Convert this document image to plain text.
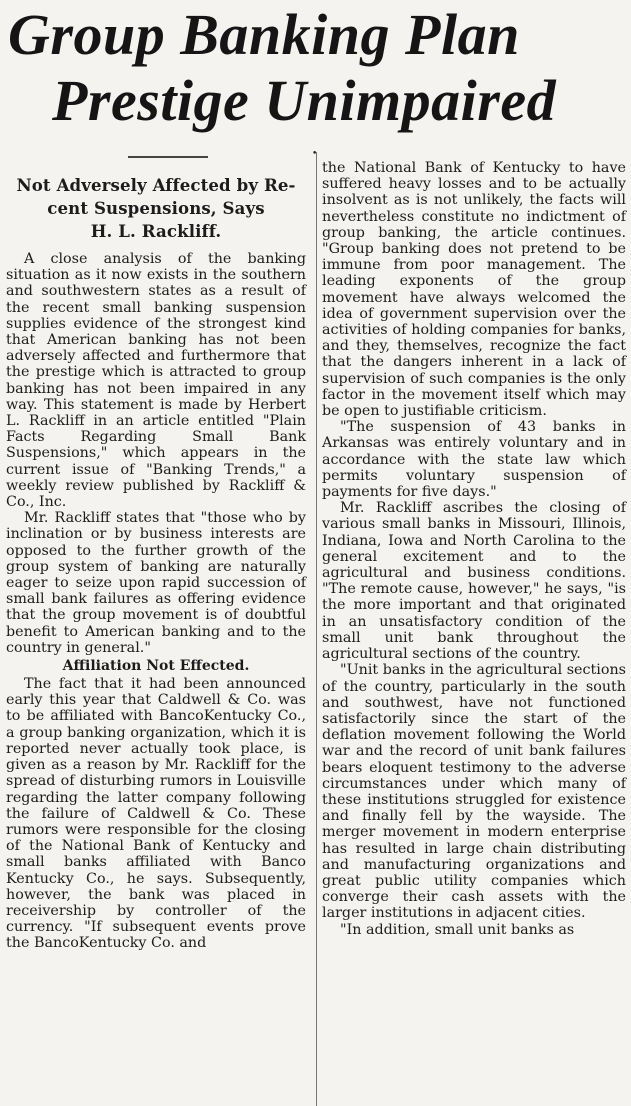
Group Banking Plan
Prestige Unimpaired
•
Not Adversely Affected by Re-
cent Suspensions, Says
H. L. Rackliff.

A close analysis of the banking situation as it now exists in the southern and southwestern states as a result of the recent small banking suspension supplies evidence of the strongest kind that American banking has not been adversely affected and furthermore that the prestige which is attracted to group banking has not been impaired in any way. This statement is made by Herbert L. Rackliff in an article entitled "Plain Facts Regarding Small Bank Suspensions," which appears in the current issue of "Banking Trends," a weekly review published by Rackliff & Co., Inc.

Mr. Rackliff states that "those who by inclination or by business interests are opposed to the further growth of the group system of banking are naturally eager to seize upon rapid succession of small bank failures as offering evidence that the group movement is of doubtful benefit to American banking and to the country in general."

Affiliation Not Effected.

The fact that it had been announced early this year that Caldwell & Co. was to be affiliated with BancoKentucky Co., a group banking organization, which it is reported never actually took place, is given as a reason by Mr. Rackliff for the spread of disturbing rumors in Louisville regarding the latter company following the failure of Caldwell & Co. These rumors were responsible for the closing of the National Bank of Kentucky and small banks affiliated with Banco Kentucky Co., he says. Subsequently, however, the bank was placed in receivership by controller of the currency. "If subsequent events prove the BancoKentucky Co. and

the National Bank of Kentucky to have suffered heavy losses and to be actually insolvent as is not unlikely, the facts will nevertheless constitute no indictment of group banking, the article continues. "Group banking does not pretend to be immune from poor management. The leading exponents of the group movement have always welcomed the idea of government supervision over the activities of holding companies for banks, and they, themselves, recognize the fact that the dangers inherent in a lack of supervision of such companies is the only factor in the movement itself which may be open to justifiable criticism.

"The suspension of 43 banks in Arkansas was entirely voluntary and in accordance with the state law which permits voluntary suspension of payments for five days."

Mr. Rackliff ascribes the closing of various small banks in Missouri, Illinois, Indiana, Iowa and North Carolina to the general excitement and to the agricultural and business conditions. "The remote cause, however," he says, "is the more important and that originated in an unsatisfactory condition of the small unit bank throughout the agricultural sections of the country.

"Unit banks in the agricultural sections of the country, particularly in the south and southwest, have not functioned satisfactorily since the start of the deflation movement following the World war and the record of unit bank failures bears eloquent testimony to the adverse circumstances under which many of these institutions struggled for existence and finally fell by the wayside. The merger movement in modern enterprise has resulted in large chain distributing and manufacturing organizations and great public utility companies which converge their cash assets with the larger institutions in adjacent cities.

"In addition, small unit banks as
